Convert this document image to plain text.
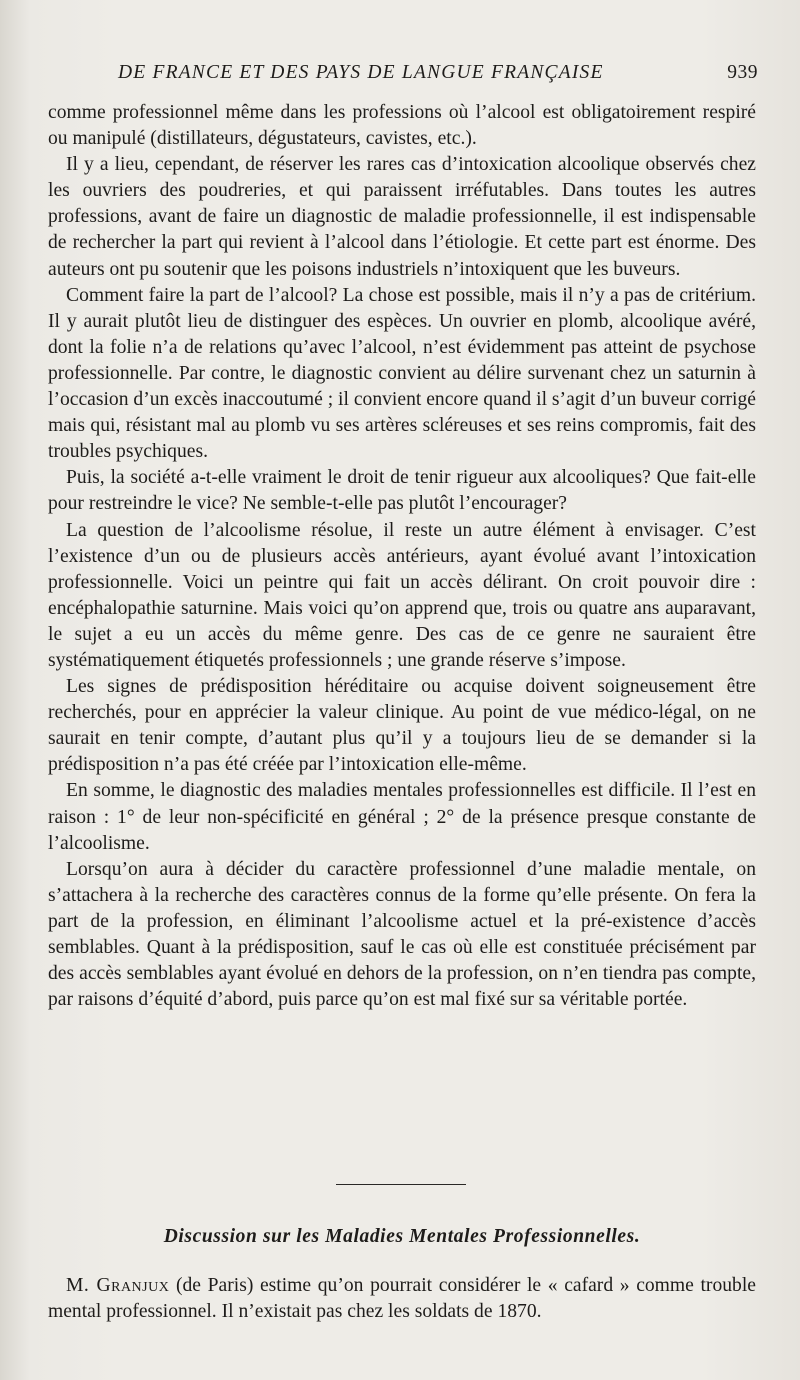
DE FRANCE ET DES PAYS DE LANGUE FRANÇAISE	939

comme professionnel même dans les professions où l’alcool est obligatoirement respiré ou manipulé (distillateurs, dégustateurs, cavistes, etc.).

Il y a lieu, cependant, de réserver les rares cas d’intoxication alcoolique observés chez les ouvriers des poudreries, et qui paraissent irréfutables. Dans toutes les autres professions, avant de faire un diagnostic de maladie professionnelle, il est indispensable de rechercher la part qui revient à l’alcool dans l’étiologie. Et cette part est énorme. Des auteurs ont pu soutenir que les poisons industriels n’intoxiquent que les buveurs.

Comment faire la part de l’alcool? La chose est possible, mais il n’y a pas de critérium. Il y aurait plutôt lieu de distinguer des espèces. Un ouvrier en plomb, alcoolique avéré, dont la folie n’a de relations qu’avec l’alcool, n’est évidemment pas atteint de psychose professionnelle. Par contre, le diagnostic convient au délire survenant chez un saturnin à l’occasion d’un excès inaccoutumé ; il convient encore quand il s’agit d’un buveur corrigé mais qui, résistant mal au plomb vu ses artères scléreuses et ses reins compromis, fait des troubles psychiques.

Puis, la société a-t-elle vraiment le droit de tenir rigueur aux alcooliques? Que fait-elle pour restreindre le vice? Ne semble-t-elle pas plutôt l’encourager?

La question de l’alcoolisme résolue, il reste un autre élément à envisager. C’est l’existence d’un ou de plusieurs accès antérieurs, ayant évolué avant l’intoxication professionnelle. Voici un peintre qui fait un accès délirant. On croit pouvoir dire : encéphalopathie saturnine. Mais voici qu’on apprend que, trois ou quatre ans auparavant, le sujet a eu un accès du même genre. Des cas de ce genre ne sauraient être systématiquement étiquetés professionnels ; une grande réserve s’impose.

Les signes de prédisposition héréditaire ou acquise doivent soigneusement être recherchés, pour en apprécier la valeur clinique. Au point de vue médico-légal, on ne saurait en tenir compte, d’autant plus qu’il y a toujours lieu de se demander si la prédisposition n’a pas été créée par l’intoxication elle-même.

En somme, le diagnostic des maladies mentales professionnelles est difficile. Il l’est en raison : 1° de leur non-spécificité en général ; 2° de la présence presque constante de l’alcoolisme.

Lorsqu’on aura à décider du caractère professionnel d’une maladie mentale, on s’attachera à la recherche des caractères connus de la forme qu’elle présente. On fera la part de la profession, en éliminant l’alcoolisme actuel et la pré-existence d’accès semblables. Quant à la prédisposition, sauf le cas où elle est constituée précisément par des accès semblables ayant évolué en dehors de la profession, on n’en tiendra pas compte, par raisons d’équité d’abord, puis parce qu’on est mal fixé sur sa véritable portée.

Discussion sur les Maladies Mentales Professionnelles.

M. Granjux (de Paris) estime qu’on pourrait considérer le « cafard » comme trouble mental professionnel. Il n’existait pas chez les soldats de 1870.
